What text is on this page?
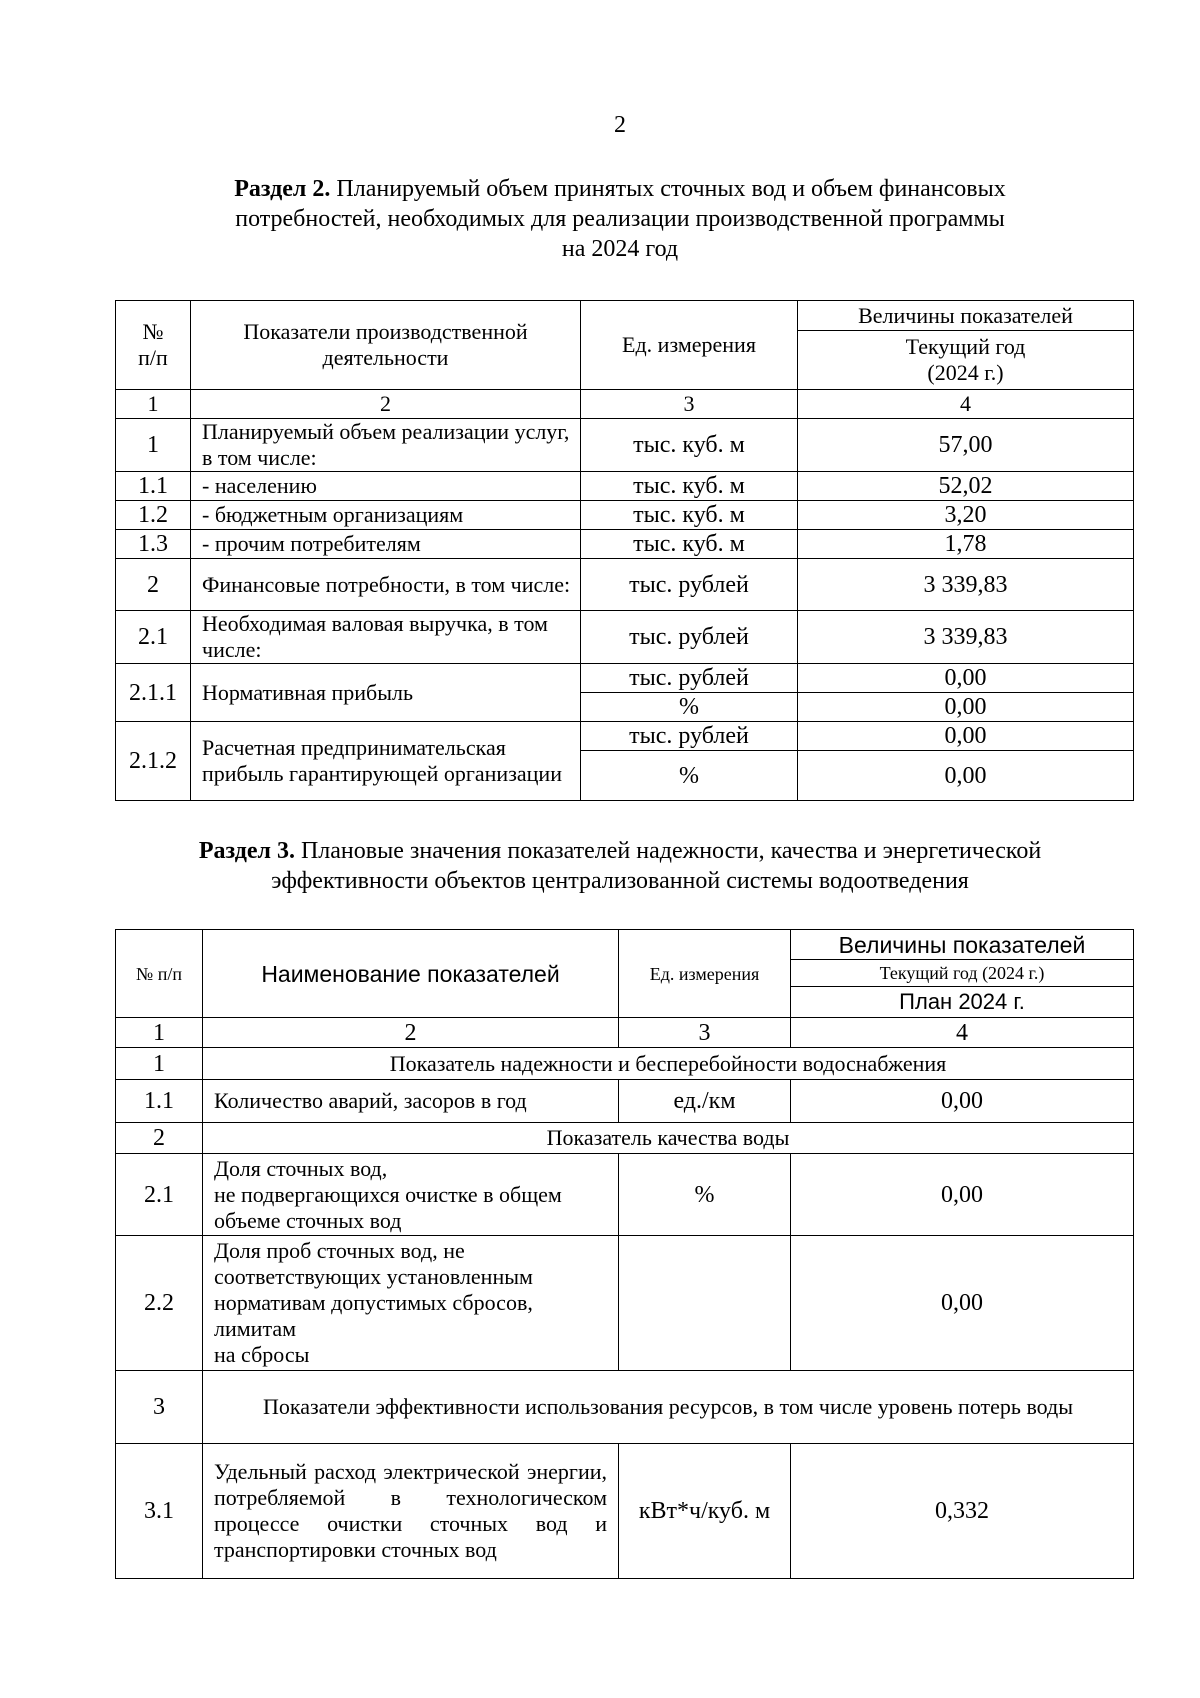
2
Раздел 2. Планируемый объем принятых сточных вод и объем финансовых
потребностей, необходимых для реализации производственной программы
на 2024 год
№
п/п	Показатели производственной деятельности	Ед. измерения	Величины показателей
			Текущий год
(2024 г.)
1	2	3	4
1	Планируемый объем реализации услуг, в том числе:	тыс. куб. м	57,00
1.1	- населению	тыс. куб. м	52,02
1.2	- бюджетным организациям	тыс. куб. м	3,20
1.3	- прочим потребителям	тыс. куб. м	1,78
2	Финансовые потребности, в том числе:	тыс. рублей	3 339,83
2.1	Необходимая валовая выручка, в том числе:	тыс. рублей	3 339,83
2.1.1	Нормативная прибыль	тыс. рублей	0,00
		%	0,00
2.1.2	Расчетная предпринимательская прибыль гарантирующей организации	тыс. рублей	0,00
		%	0,00
Раздел 3. Плановые значения показателей надежности, качества и энергетической
эффективности объектов централизованной системы водоотведения
№ п/п	Наименование показателей	Ед. измерения	Величины показателей
			Текущий год (2024 г.)
			План 2024 г.
1	2	3	4
1	Показатель надежности и бесперебойности водоснабжения		
1.1	Количество аварий, засоров в год	ед./км	0,00
2	Показатель качества воды		
2.1	Доля сточных вод,
не подвергающихся очистке в общем объеме сточных вод	%	0,00
2.2	Доля проб сточных вод, не соответствующих установленным нормативам допустимых сбросов,
лимитам
на сбросы		0,00
3	Показатели эффективности использования ресурсов, в том числе уровень потерь воды		
3.1	Удельный расход электрической энергии, потребляемой в технологическом процессе очистки сточных вод и транспортировки сточных вод	кВт*ч/куб. м	0,332
